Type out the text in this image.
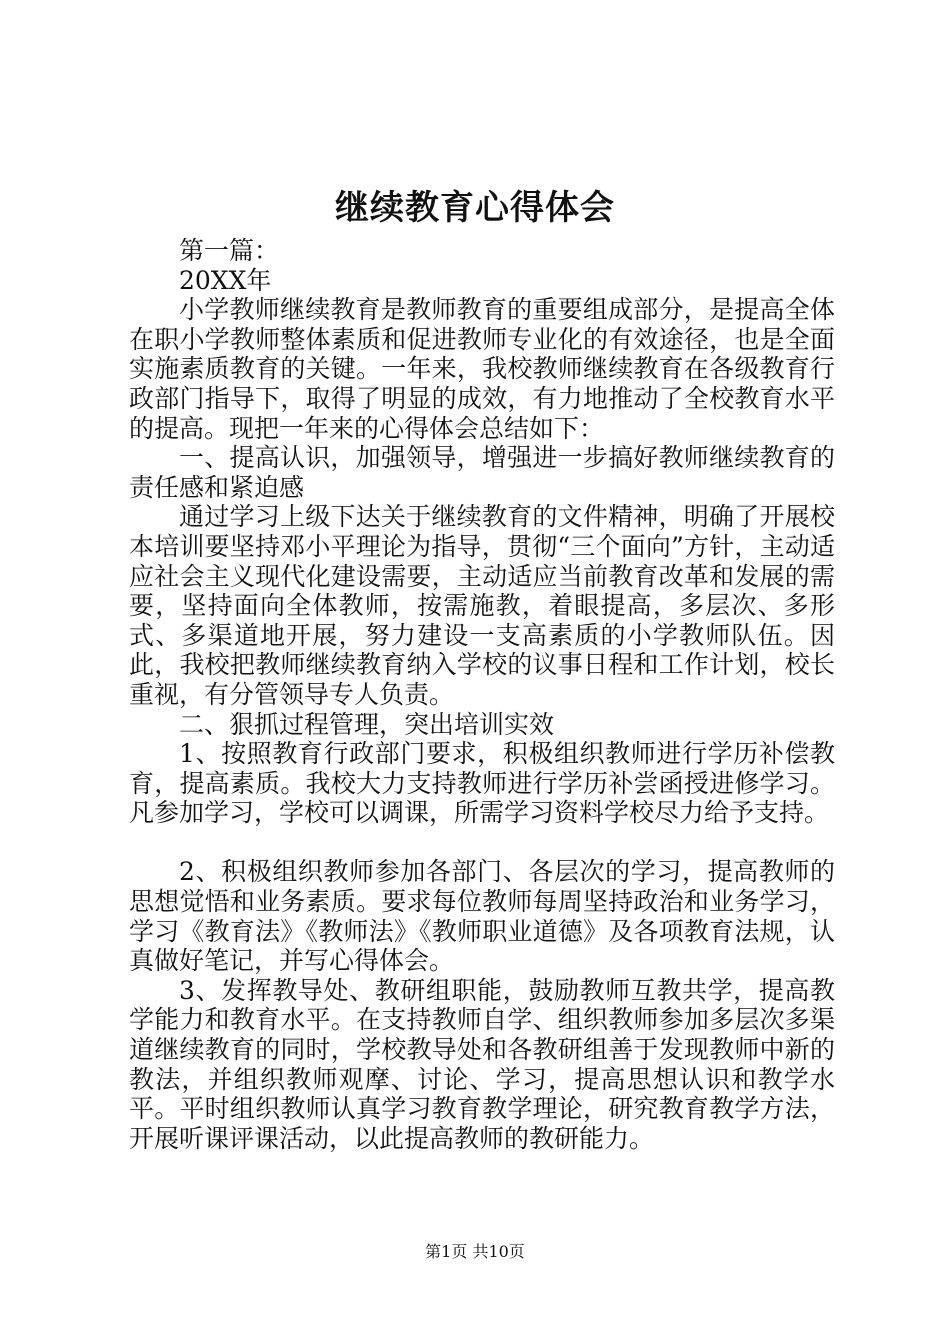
继续教育心得体会

第一篇：

20XX年

小学教师继续教育是教师教育的重要组成部分，是提高全体在职小学教师整体素质和促进教师专业化的有效途径，也是全面实施素质教育的关键。一年来，我校教师继续教育在各级教育行政部门指导下，取得了明显的成效，有力地推动了全校教育水平的提高。现把一年来的心得体会总结如下：

一、提高认识，加强领导，增强进一步搞好教师继续教育的责任感和紧迫感

通过学习上级下达关于继续教育的文件精神，明确了开展校本培训要坚持邓小平理论为指导，贯彻“三个面向”方针，主动适应社会主义现代化建设需要，主动适应当前教育改革和发展的需要，坚持面向全体教师，按需施教，着眼提高，多层次、多形式、多渠道地开展，努力建设一支高素质的小学教师队伍。因此，我校把教师继续教育纳入学校的议事日程和工作计划，校长重视，有分管领导专人负责。

二、狠抓过程管理，突出培训实效

1、按照教育行政部门要求，积极组织教师进行学历补偿教育，提高素质。我校大力支持教师进行学历补尝函授进修学习。凡参加学习，学校可以调课，所需学习资料学校尽力给予支持。

2、积极组织教师参加各部门、各层次的学习，提高教师的思想觉悟和业务素质。要求每位教师每周坚持政治和业务学习，学习《教育法》《教师法》《教师职业道德》及各项教育法规，认真做好笔记，并写心得体会。

3、发挥教导处、教研组职能，鼓励教师互教共学，提高教学能力和教育水平。在支持教师自学、组织教师参加多层次多渠道继续教育的同时，学校教导处和各教研组善于发现教师中新的教法，并组织教师观摩、讨论、学习，提高思想认识和教学水平。平时组织教师认真学习教育教学理论，研究教育教学方法，开展听课评课活动，以此提高教师的教研能力。

第1页 共10页
